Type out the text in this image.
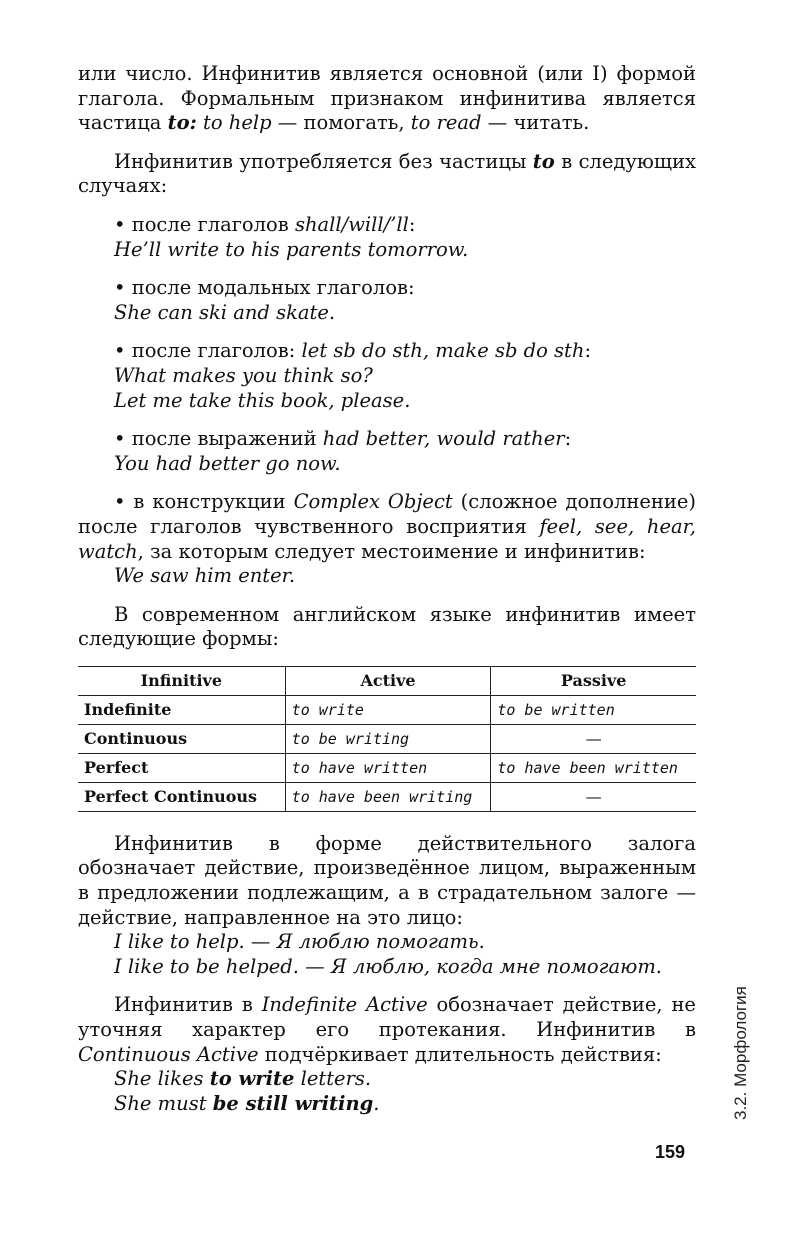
или число. Инфинитив является основной (или I) формой глагола. Формальным признаком инфинитива является частица to: to help — помогать, to read — читать.

Инфинитив употребляется без частицы to в следующих случаях:

• после глаголов shall/will/’ll:

He’ll write to his parents tomorrow.

• после модальных глаголов:

She can ski and skate.

• после глаголов: let sb do sth, make sb do sth:

What makes you think so?

Let me take this book, please.

• после выражений had better, would rather:

You had better go now.

• в конструкции Complex Object (сложное дополнение) после глаголов чувственного восприятия feel, see, hear, watch, за которым следует местоимение и инфинитив:

We saw him enter.

В современном английском языке инфинитив имеет следующие формы:

Infinitive	Active	Passive
Indefinite	to write	to be written
Continuous	to be writing	—
Perfect	to have written	to have been written
Perfect Continuous	to have been writing	—

Инфинитив в форме действительного залога обозначает действие, произведённое лицом, выраженным в предложении подлежащим, а в страдательном залоге — действие, направленное на это лицо:

I like to help. — Я люблю помогать.

I like to be helped. — Я люблю, когда мне помогают.

Инфинитив в Indefinite Active обозначает действие, не уточняя характер его протекания. Инфинитив в Continuous Active подчёркивает длительность действия:

She likes to write letters.

She must be still writing.	3.2. Морфология
159
